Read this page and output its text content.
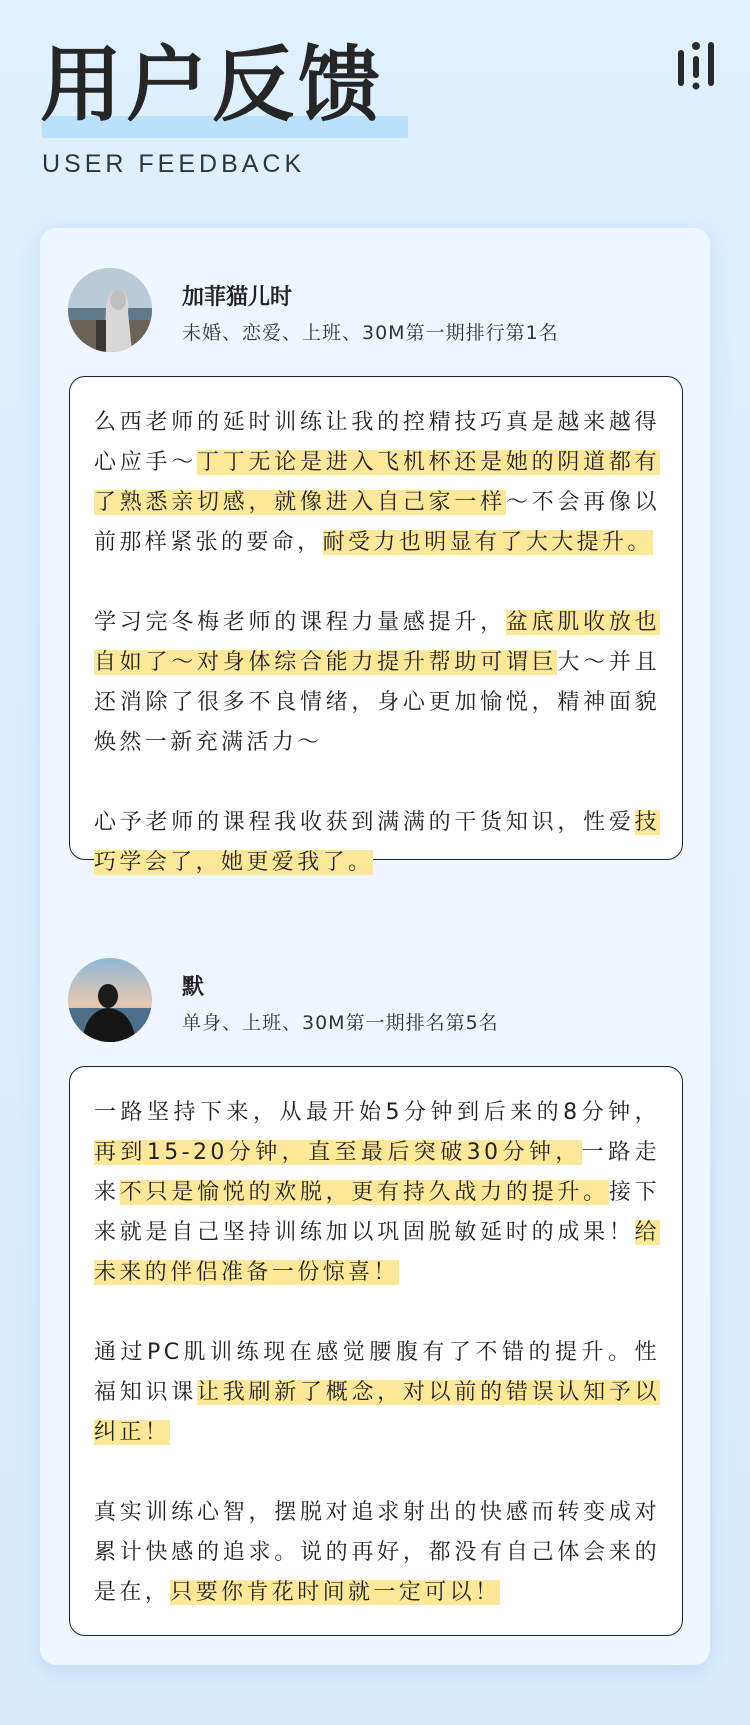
用户反馈
USER FEEDBACK
加菲猫儿时
未婚、恋爱、上班、30M第一期排行第1名
么西老师的延时训练让我的控精技巧真是越来越得心应手～丁丁无论是进入飞机杯还是她的阴道都有了熟悉亲切感，就像进入自己家一样～不会再像以前那样紧张的要命，耐受力也明显有了大大提升。
学习完冬梅老师的课程力量感提升，盆底肌收放也自如了～对身体综合能力提升帮助可谓巨大～并且还消除了很多不良情绪，身心更加愉悦，精神面貌焕然一新充满活力～
心予老师的课程我收获到满满的干货知识，性爱技巧学会了，她更爱我了。
默
单身、上班、30M第一期排名第5名
一路坚持下来，从最开始5分钟到后来的8分钟，再到15-20分钟，直至最后突破30分钟，一路走来不只是愉悦的欢脱，更有持久战力的提升。接下来就是自己坚持训练加以巩固脱敏延时的成果！给未来的伴侣准备一份惊喜！
通过PC肌训练现在感觉腰腹有了不错的提升。性福知识课让我刷新了概念，对以前的错误认知予以纠正！
真实训练心智，摆脱对追求射出的快感而转变成对累计快感的追求。说的再好，都没有自己体会来的是在，只要你肯花时间就一定可以！
